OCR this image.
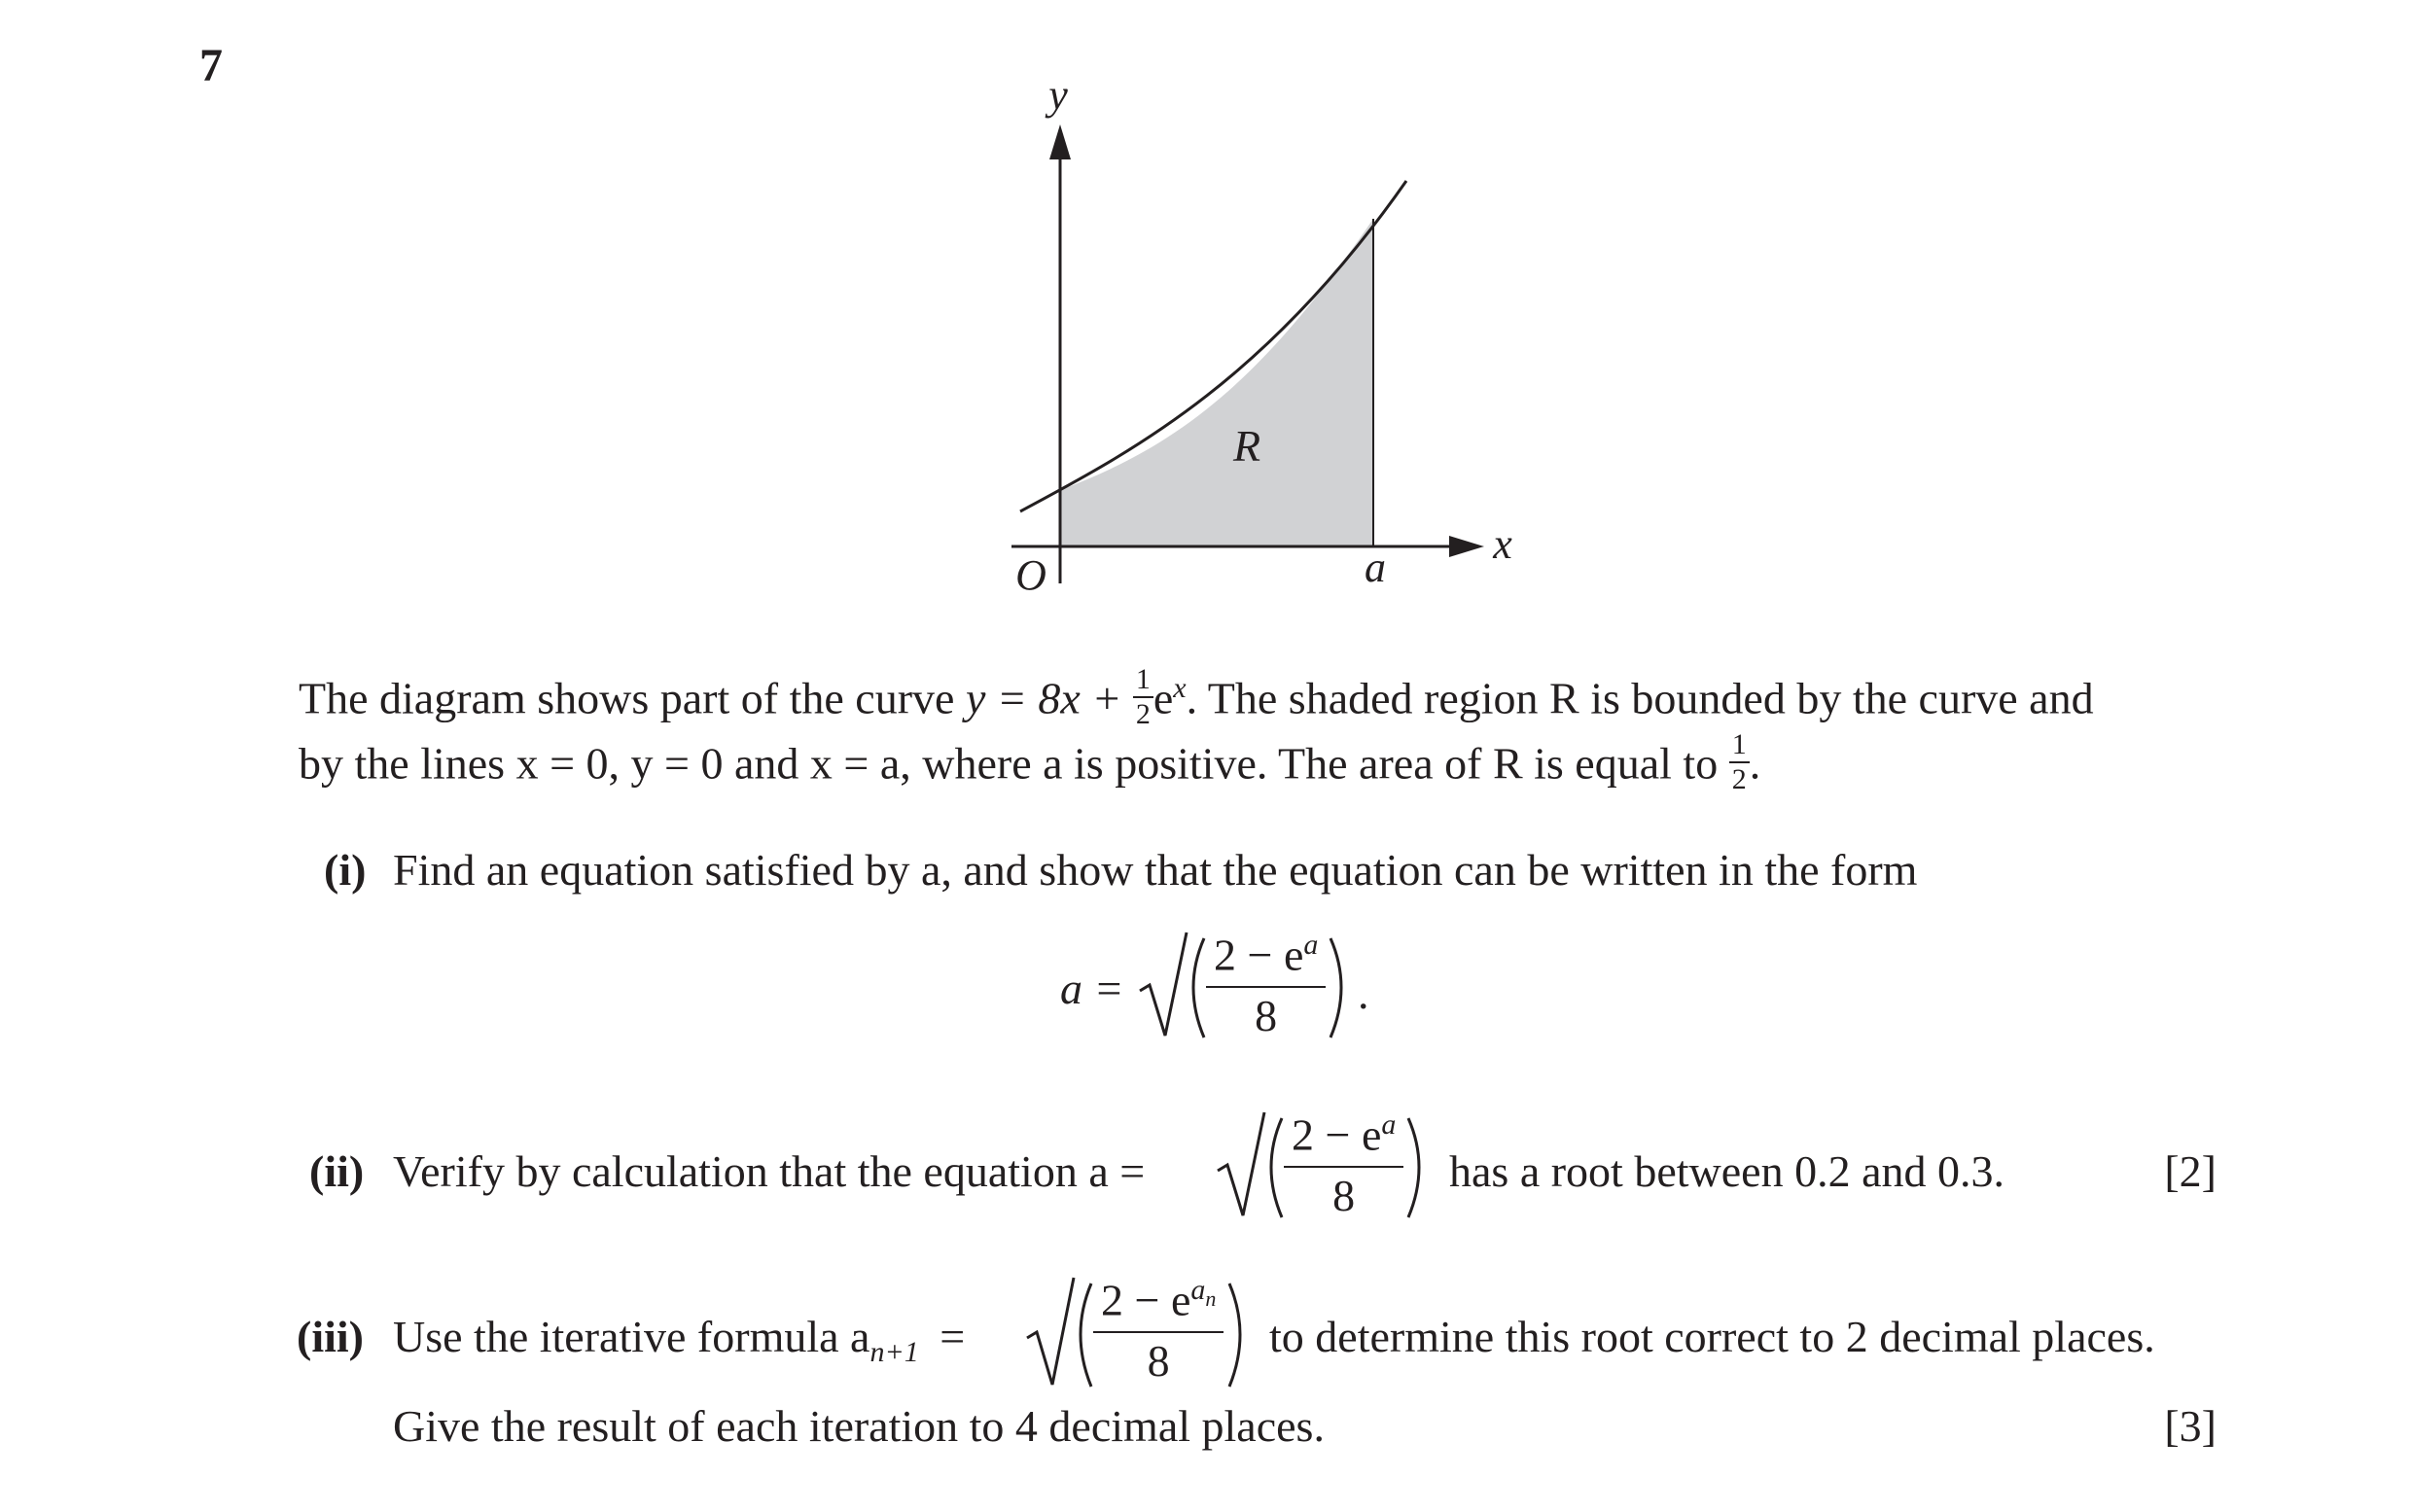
7
y
x
O
R
a
The diagram shows part of the curve $y = 8x + \frac{1}{2} e^x$. The shaded region R is bounded by the curve and
by the lines x = 0, y = 0 and x = a, where a is positive. The area of R is equal to $\frac{1}{2}$ .
(i) Find an equation satisfied by a, and show that the equation can be written in the form
a =
$2 - e^a$
8	.
(ii) Verify by calculation that the equation a =
$2 - e^a$
8	has a root between 0.2 and 0.3.	[2]
(iii) Use the iterative formula $a_{n+1}$ =
$2 - e^{a_n}$
8	to determine this root correct to 2 decimal places.
Give the result of each iteration to 4 decimal places.	[3]
